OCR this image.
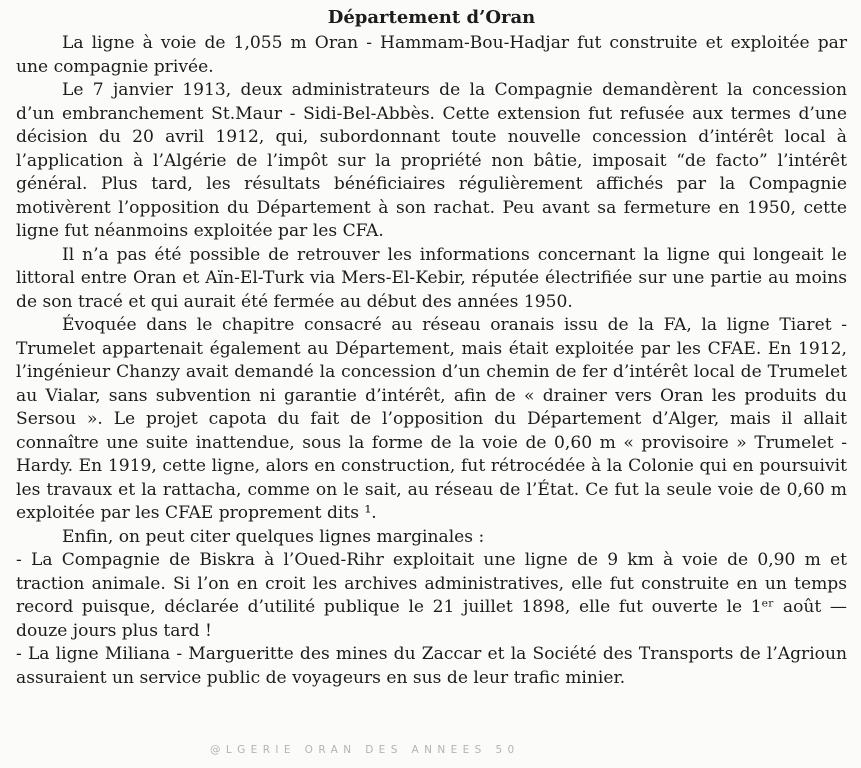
Département d’Oran

La ligne à voie de 1,055 m Oran - Hammam-Bou-Hadjar fut construite et exploitée par une compagnie privée.

Le 7 janvier 1913, deux administrateurs de la Compagnie demandèrent la concession d’un embranchement St.Maur - Sidi-Bel-Abbès. Cette extension fut refusée aux termes d’une décision du 20 avril 1912, qui, subordonnant toute nouvelle concession d’intérêt local à l’application à l’Algérie de l’impôt sur la propriété non bâtie, imposait “de facto” l’intérêt général. Plus tard, les résultats bénéficiaires régulièrement affichés par la Compagnie motivèrent l’opposition du Département à son rachat. Peu avant sa fermeture en 1950, cette ligne fut néanmoins exploitée par les CFA.

Il n’a pas été possible de retrouver les informations concernant la ligne qui longeait le littoral entre Oran et Aïn-El-Turk via Mers-El-Kebir, réputée électrifiée sur une partie au moins de son tracé et qui aurait été fermée au début des années 1950.

Évoquée dans le chapitre consacré au réseau oranais issu de la FA, la ligne Tiaret - Trumelet appartenait également au Département, mais était exploitée par les CFAE. En 1912, l’ingénieur Chanzy avait demandé la concession d’un chemin de fer d’intérêt local de Trumelet au Vialar, sans subvention ni garantie d’intérêt, afin de « drainer vers Oran les produits du Sersou ». Le projet capota du fait de l’opposition du Département d’Alger, mais il allait connaître une suite inattendue, sous la forme de la voie de 0,60 m « provisoire » Trumelet - Hardy. En 1919, cette ligne, alors en construction, fut rétrocédée à la Colonie qui en poursuivit les travaux et la rattacha, comme on le sait, au réseau de l’État. Ce fut la seule voie de 0,60 m exploitée par les CFAE proprement dits ¹.

Enfin, on peut citer quelques lignes marginales :

- La Compagnie de Biskra à l’Oued-Rihr exploitait une ligne de 9 km à voie de 0,90 m et traction animale. Si l’on en croit les archives administratives, elle fut construite en un temps record puisque, déclarée d’utilité publique le 21 juillet 1898, elle fut ouverte le 1ᵉʳ août — douze jours plus tard !

- La ligne Miliana - Margueritte des mines du Zaccar et la Société des Transports de l’Agrioun assuraient un service public de voyageurs en sus de leur trafic minier.

@LGERIE ORAN DES ANNEES 50
